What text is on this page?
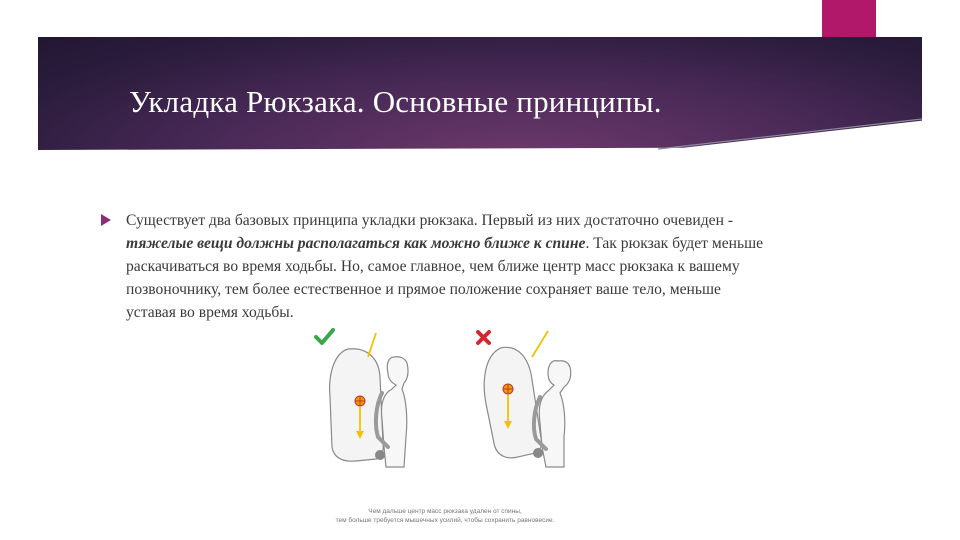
Укладка Рюкзака. Основные принципы.

Существует два базовых принципа укладки рюкзака. Первый из них достаточно очевиден - тяжелые вещи должны располагаться как можно ближе к спине. Так рюкзак будет меньше раскачиваться во время ходьбы. Но, самое главное, чем ближе центр масс рюкзака к вашему позвоночнику, тем более естественное и прямое положение сохраняет ваше тело, меньше уставая во время ходьбы.

Чем дальше центр масс рюкзака удален от спины,
тем больше требуется мышечных усилий, чтобы сохранить равновесие.
